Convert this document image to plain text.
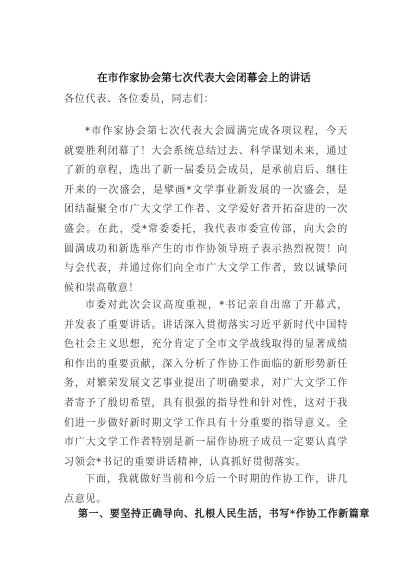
在市作家协会第七次代表大会闭幕会上的讲话

各位代表、各位委员，同志们：

*市作家协会第七次代表大会圆满完成各项议程，今天就要胜利闭幕了！大会系统总结过去、科学谋划未来，通过了新的章程，选出了新一届委员会成员，是承前启后、继往开来的一次盛会，是擘画*文学事业新发展的一次盛会，是团结凝聚全市广大文学工作者、文学爱好者开拓奋进的一次盛会。在此，受*常委委托，我代表市委宣传部，向大会的圆满成功和新选举产生的市作协领导班子表示热烈祝贺！向与会代表，并通过你们向全市广大文学工作者，致以诚挚问候和崇高敬意！

市委对此次会议高度重视，*书记亲自出席了开幕式，并发表了重要讲话。讲话深入贯彻落实习近平新时代中国特色社会主义思想，充分肯定了全市文学战线取得的显著成绩和作出的重要贡献，深入分析了作协工作面临的新形势新任务，对繁荣发展文艺事业提出了明确要求，对广大文学工作者寄予了殷切希望，具有很强的指导性和针对性，这对于我们进一步做好新时期文学工作具有十分重要的指导意义。全市广大文学工作者特别是新一届作协班子成员一定要认真学习领会*书记的重要讲话精神，认真抓好贯彻落实。

下面，我就做好当前和今后一个时期的作协工作，讲几点意见。

第一、要坚持正确导向、扎根人民生活，书写*作协工作新篇章
